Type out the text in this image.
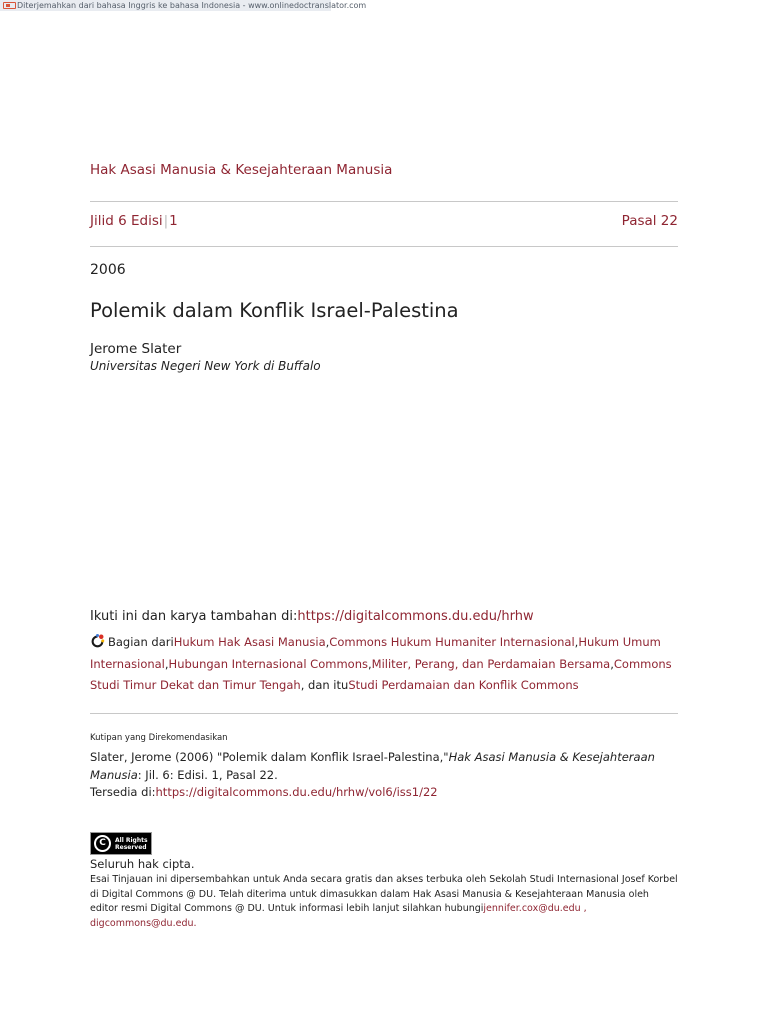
Diterjemahkan dari bahasa Inggris ke bahasa Indonesia - www.onlinedoctranslator.com
Hak Asasi Manusia & Kesejahteraan Manusia
Jilid 6 Edisi|1	Pasal 22
2006
Polemik dalam Konflik Israel-Palestina
Jerome Slater
Universitas Negeri New York di Buffalo
Ikuti ini dan karya tambahan di:https://digitalcommons.du.edu/hrhw
Bagian dariHukum Hak Asasi Manusia,Commons Hukum Humaniter Internasional,Hukum Umum Internasional,Hubungan Internasional Commons,Militer, Perang, dan Perdamaian Bersama,Commons Studi Timur Dekat dan Timur Tengah, dan ituStudi Perdamaian dan Konflik Commons
Kutipan yang Direkomendasikan
Slater, Jerome (2006) "Polemik dalam Konflik Israel-Palestina,"Hak Asasi Manusia & Kesejahteraan Manusia: Jil. 6: Edisi. 1, Pasal 22.
Tersedia di:https://digitalcommons.du.edu/hrhw/vol6/iss1/22
C	All Rights
Reserved
Seluruh hak cipta.
Esai Tinjauan ini dipersembahkan untuk Anda secara gratis dan akses terbuka oleh Sekolah Studi Internasional Josef Korbel di Digital Commons @ DU. Telah diterima untuk dimasukkan dalam Hak Asasi Manusia & Kesejahteraan Manusia oleh editor resmi Digital Commons @ DU. Untuk informasi lebih lanjut silahkan hubungijennifer.cox@du.edu , digcommons@du.edu.
